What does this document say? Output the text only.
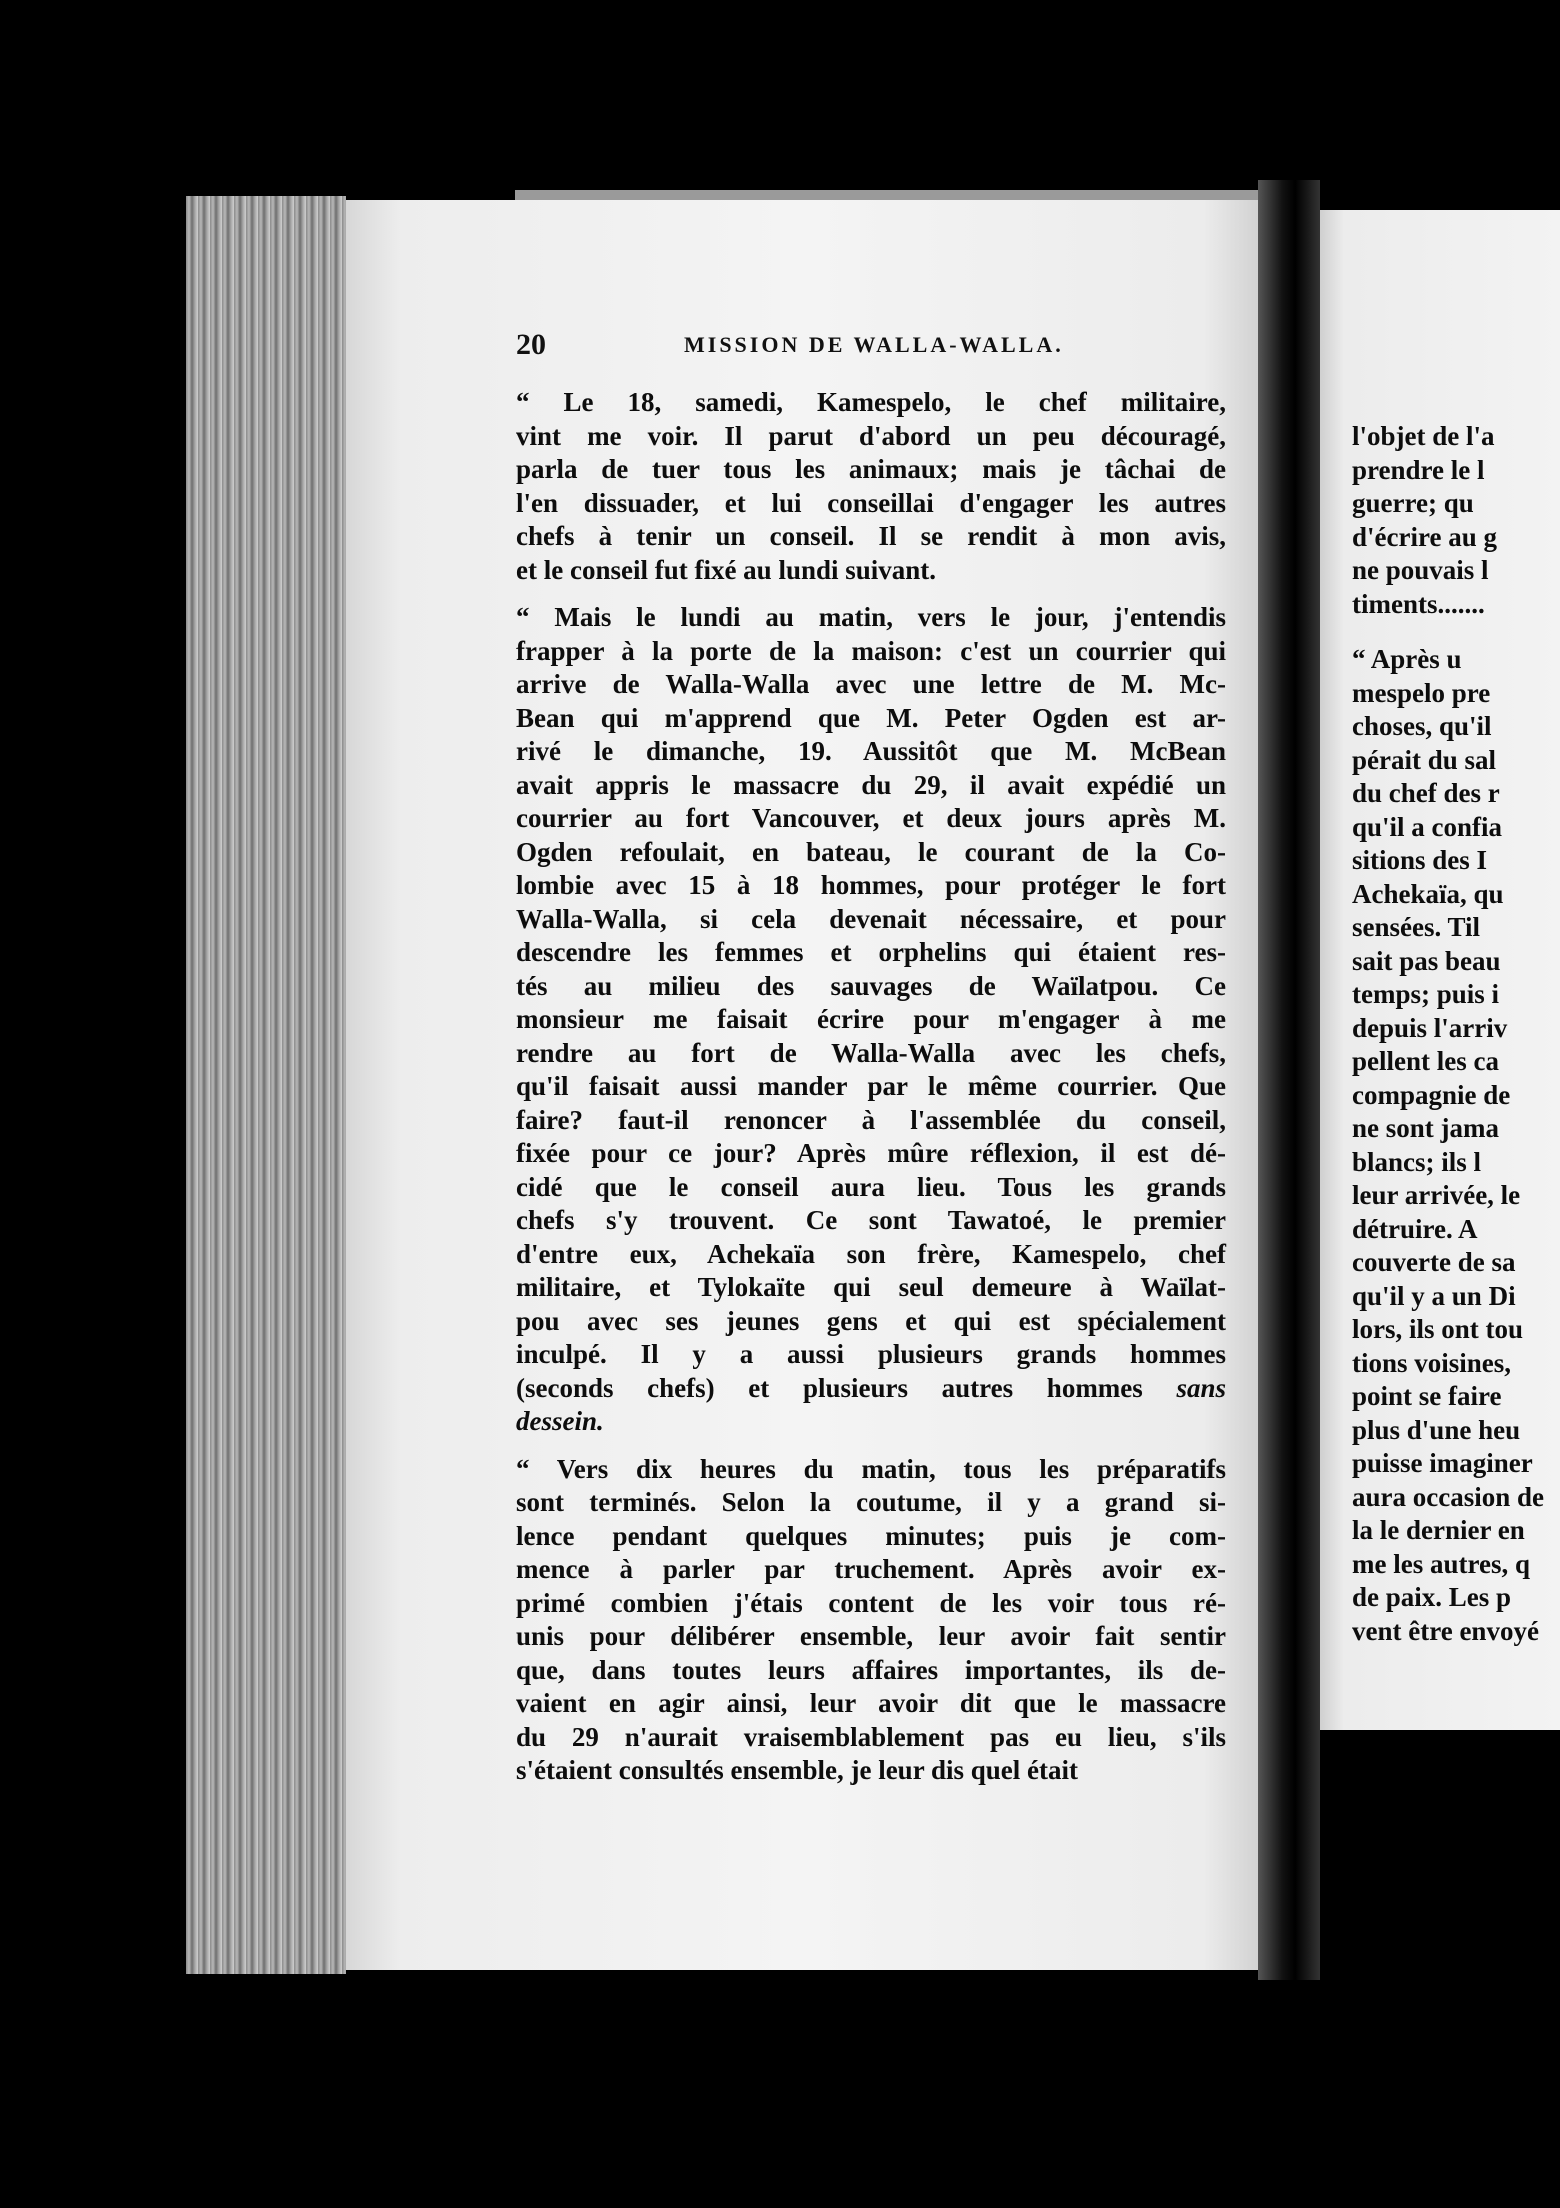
20	MISSION DE WALLA-WALLA.
“ Le 18, samedi, Kamespelo, le chef militaire,
vint me voir. Il parut d'abord un peu découragé,
parla de tuer tous les animaux; mais je tâchai de
l'en dissuader, et lui conseillai d'engager les autres
chefs à tenir un conseil. Il se rendit à mon avis,
et le conseil fut fixé au lundi suivant.
“ Mais le lundi au matin, vers le jour, j'entendis
frapper à la porte de la maison: c'est un courrier qui
arrive de Walla-Walla avec une lettre de M. Mc-
Bean qui m'apprend que M. Peter Ogden est ar-
rivé le dimanche, 19. Aussitôt que M. McBean
avait appris le massacre du 29, il avait expédié un
courrier au fort Vancouver, et deux jours après M.
Ogden refoulait, en bateau, le courant de la Co-
lombie avec 15 à 18 hommes, pour protéger le fort
Walla-Walla, si cela devenait nécessaire, et pour
descendre les femmes et orphelins qui étaient res-
tés au milieu des sauvages de Waïlatpou. Ce
monsieur me faisait écrire pour m'engager à me
rendre au fort de Walla-Walla avec les chefs,
qu'il faisait aussi mander par le même courrier. Que
faire? faut-il renoncer à l'assemblée du conseil,
fixée pour ce jour? Après mûre réflexion, il est dé-
cidé que le conseil aura lieu. Tous les grands
chefs s'y trouvent. Ce sont Tawatoé, le premier
d'entre eux, Achekaïa son frère, Kamespelo, chef
militaire, et Tylokaïte qui seul demeure à Waïlat-
pou avec ses jeunes gens et qui est spécialement
inculpé. Il y a aussi plusieurs grands hommes
(seconds chefs) et plusieurs autres hommes sans
dessein.
“ Vers dix heures du matin, tous les préparatifs
sont terminés. Selon la coutume, il y a grand si-
lence pendant quelques minutes; puis je com-
mence à parler par truchement. Après avoir ex-
primé combien j'étais content de les voir tous ré-
unis pour délibérer ensemble, leur avoir fait sentir
que, dans toutes leurs affaires importantes, ils de-
vaient en agir ainsi, leur avoir dit que le massacre
du 29 n'aurait vraisemblablement pas eu lieu, s'ils
s'étaient consultés ensemble, je leur dis quel était
l'objet de l'a
prendre le l
guerre; qu
d'écrire au g
ne pouvais l
timents.......
“ Après u
mespelo pre
choses, qu'il
pérait du sal
du chef des r
qu'il a confia
sitions des I
Achekaïa, qu
sensées. Til
sait pas beau
temps; puis i
depuis l'arriv
pellent les ca
compagnie de
ne sont jama
blancs; ils l
leur arrivée, le
détruire. A
couverte de sa
qu'il y a un Di
lors, ils ont tou
tions voisines,
point se faire
plus d'une heu
puisse imaginer
aura occasion de
la le dernier en
me les autres, q
de paix. Les p
vent être envoyé
